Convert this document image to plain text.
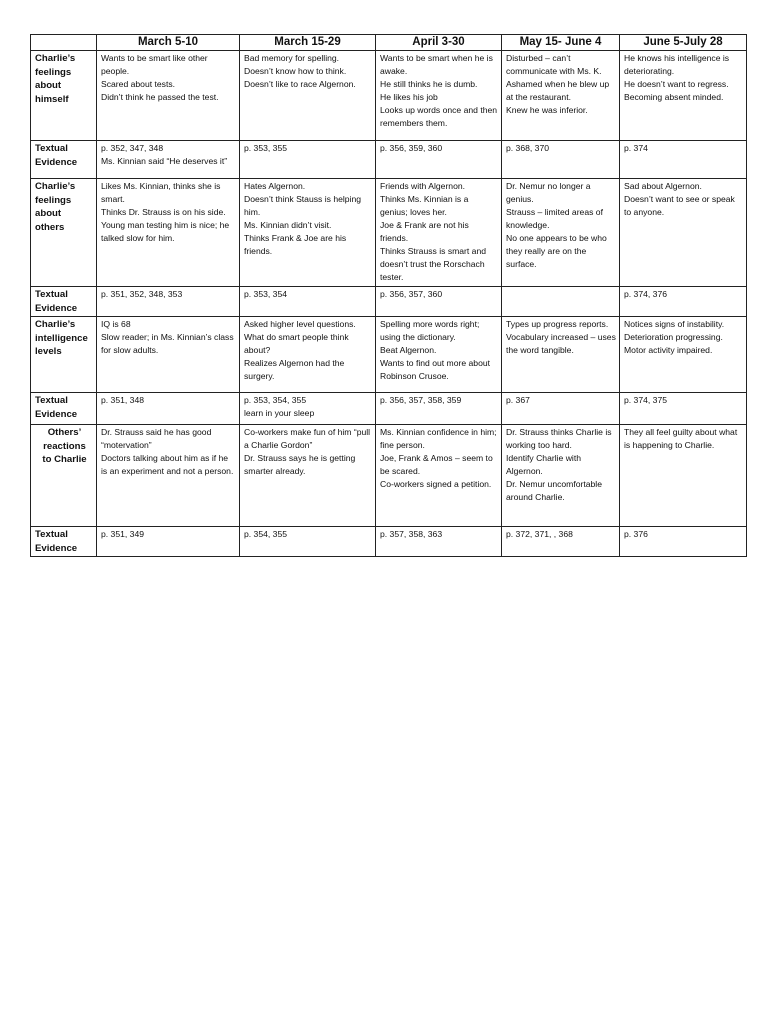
	March 5-10	March 15-29	April 3-30	May 15- June 4	June 5-July 28

Charlie’s
feelings
about
himself	Wants to be smart like other people.
Scared about tests.
Didn’t think he passed the test.	Bad memory for spelling.
Doesn’t know how to think.
Doesn’t like to race Algernon.	Wants to be smart when he is awake.
He still thinks he is dumb.
He likes his job
Looks up words once and then remembers them.	Disturbed – can’t communicate with Ms. K.
Ashamed when he blew up at the restaurant.
Knew he was inferior.	He knows his intelligence is deteriorating.
He doesn’t want to regress.
Becoming absent minded.

Textual
Evidence	p. 352, 347, 348
Ms. Kinnian said “He deserves it”	p. 353, 355	p. 356, 359, 360	p. 368, 370	p. 374

Charlie’s
feelings
about
others	Likes Ms. Kinnian, thinks she is smart.
Thinks Dr. Strauss is on his side.
Young man testing him is nice; he talked slow for him.	Hates Algernon.
Doesn’t think Stauss is helping him.
Ms. Kinnian didn’t visit.
Thinks Frank & Joe are his friends.	Friends with Algernon.
Thinks Ms. Kinnian is a genius; loves her.
Joe & Frank are not his friends.
Thinks Strauss is smart and doesn’t trust the Rorschach tester.	Dr. Nemur no longer a genius.
Strauss – limited areas of knowledge.
No one appears to be who they really are on the surface.	Sad about Algernon.
Doesn’t want to see or speak to anyone.

Textual
Evidence	p. 351, 352, 348, 353	p. 353, 354	p. 356, 357, 360		p. 374, 376

Charlie’s
intelligence
levels	IQ is 68
Slow reader; in Ms. Kinnian’s class for slow adults.	Asked higher level questions.
What do smart people think about?
Realizes Algernon had the surgery.	Spelling more words right; using the dictionary.
Beat Algernon.
Wants to find out more about Robinson Crusoe.	Types up progress reports.
Vocabulary increased – uses the word tangible.	Notices signs of instability.
Deterioration progressing.
Motor activity impaired.

Textual
Evidence	p. 351, 348	p. 353, 354, 355
learn in your sleep	p. 356, 357, 358, 359	p. 367	p. 374, 375

Others’
reactions
to Charlie	Dr. Strauss said he has good “motervation”
Doctors talking about him as if he is an experiment and not a person.	Co-workers make fun of him “pull a Charlie Gordon”
Dr. Strauss says he is getting smarter already.	Ms. Kinnian confidence in him; fine person.
Joe, Frank & Amos – seem to be scared.
Co-workers signed a petition.	Dr. Strauss thinks Charlie is working too hard.
Identify Charlie with Algernon.
Dr. Nemur uncomfortable around Charlie.	They all feel guilty about what is happening to Charlie.

Textual
Evidence	p. 351, 349	p. 354, 355	p. 357, 358, 363	p. 372, 371, , 368	p. 376
